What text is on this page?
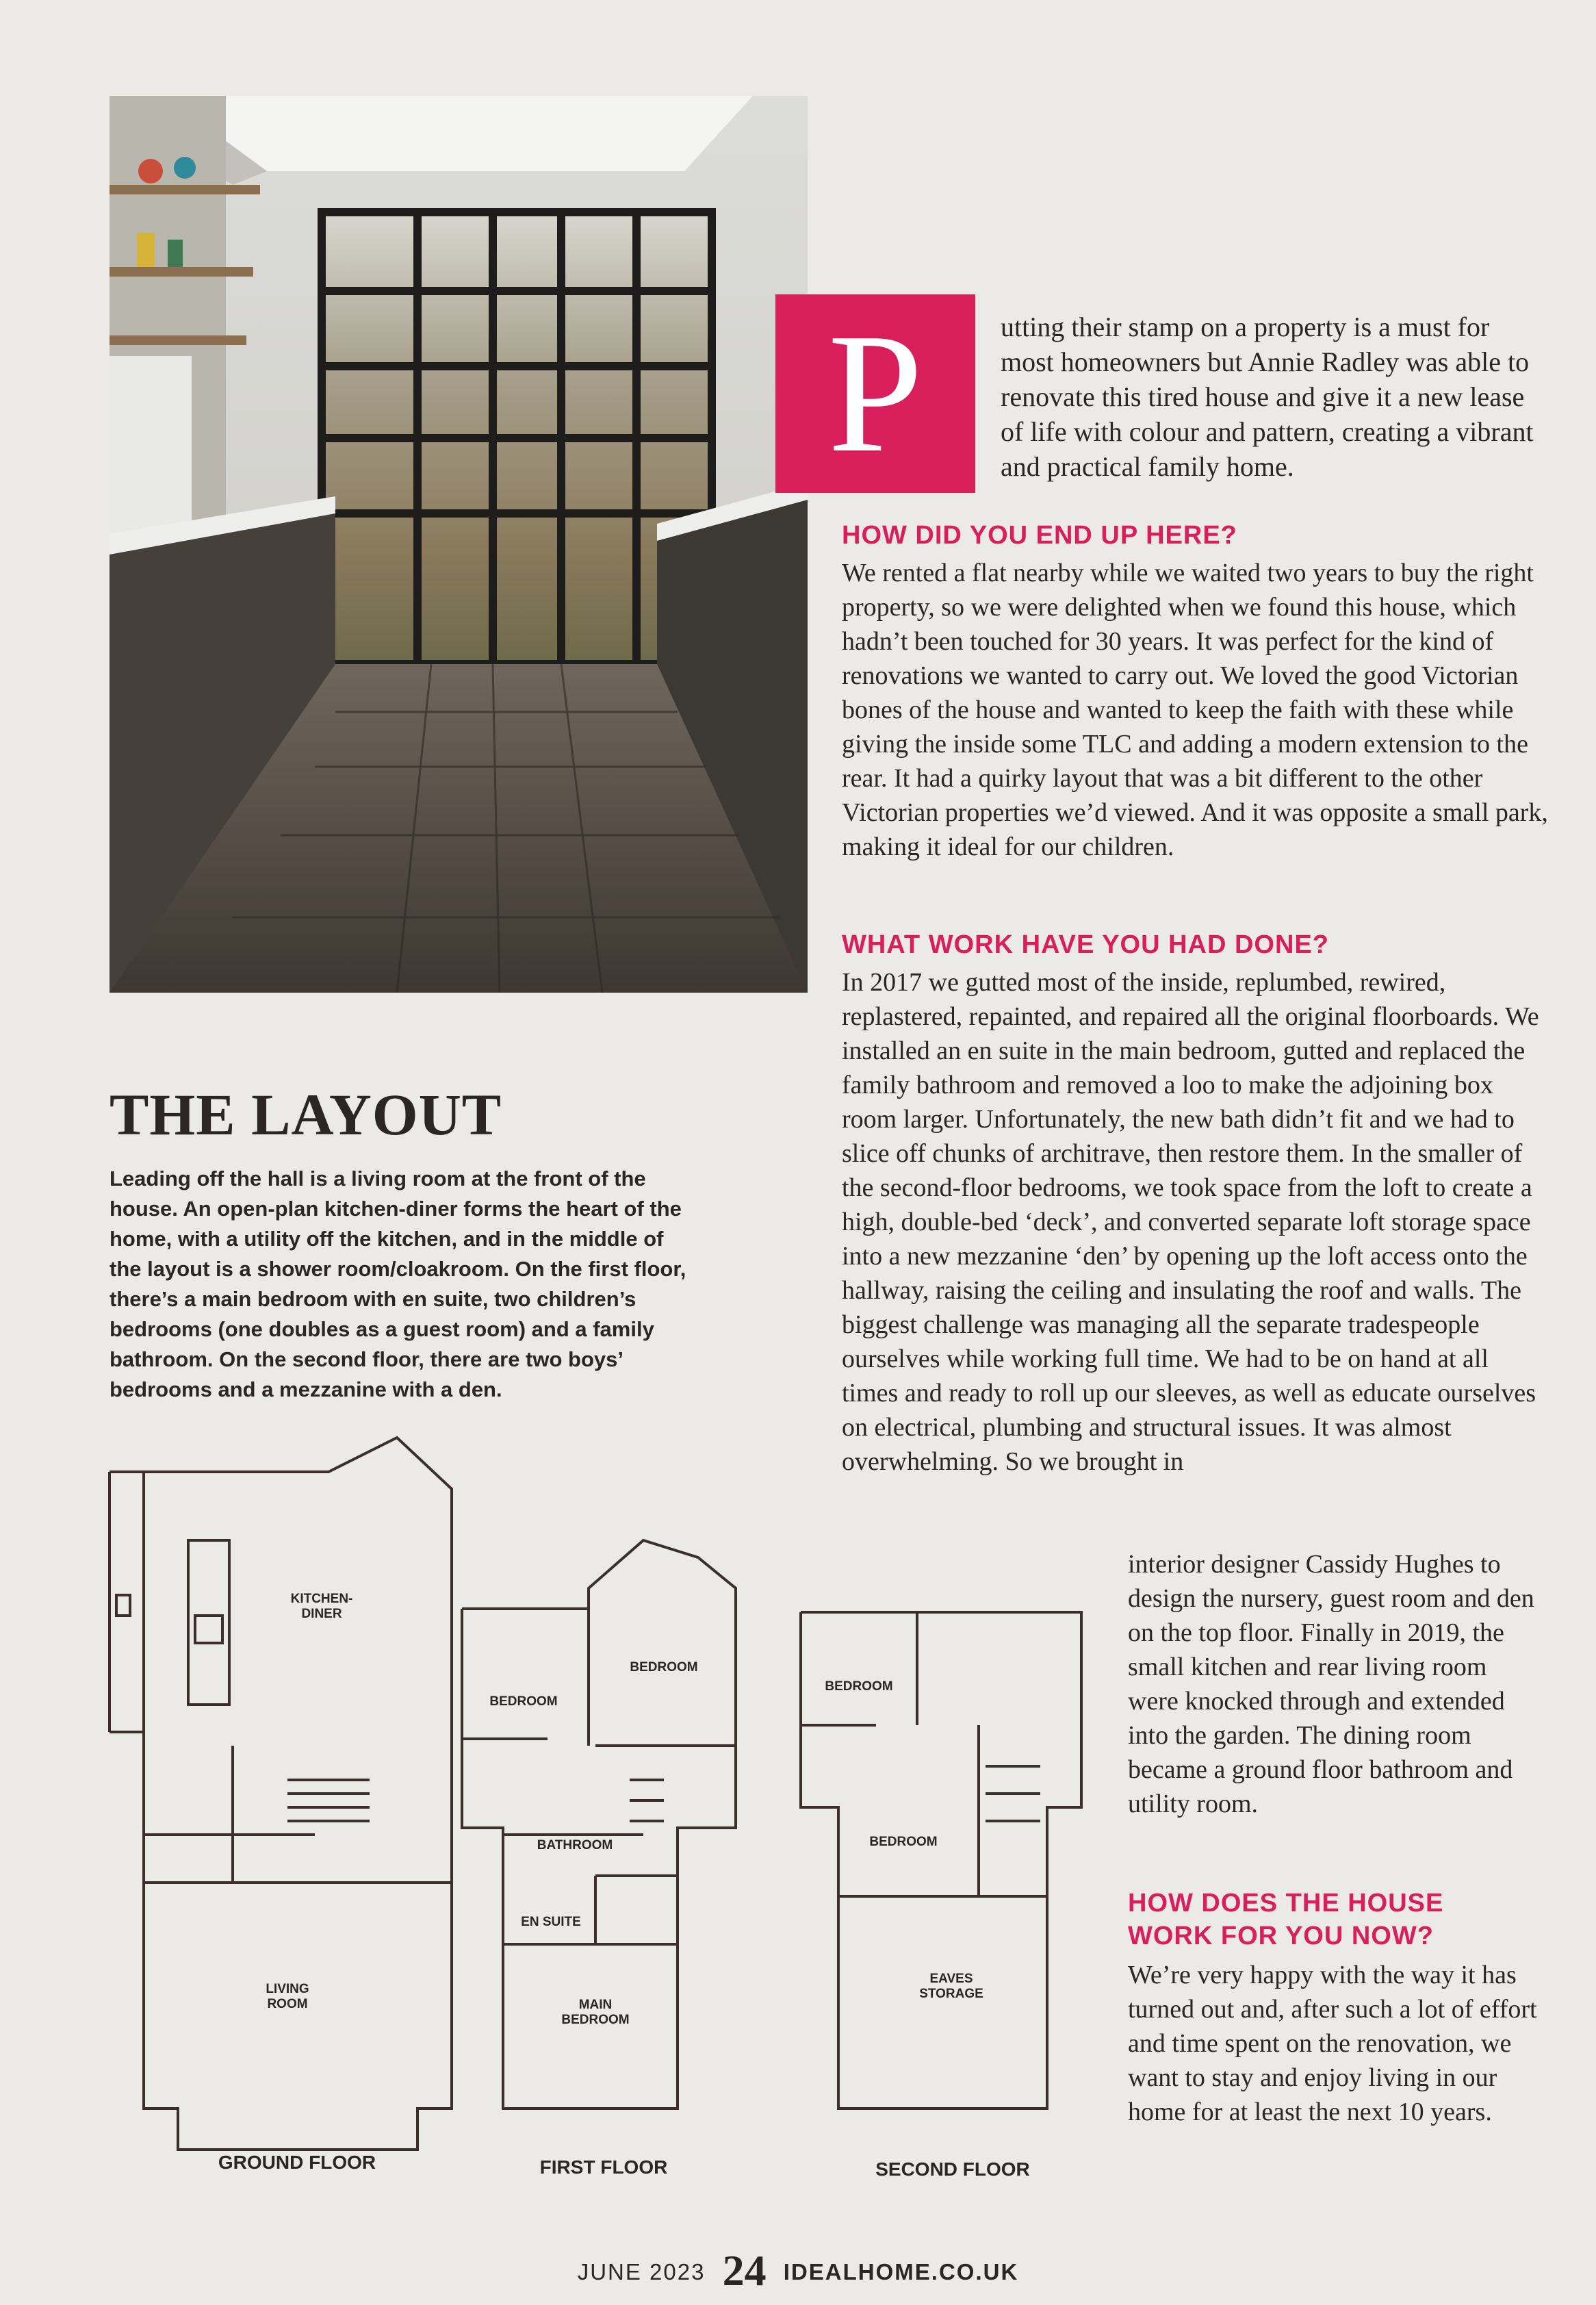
P	utting their stamp on a property is a must for most homeowners but Annie Radley was able to renovate this tired house and give it a new lease of life with colour and pattern, creating a vibrant and practical family home.

HOW DID YOU END UP HERE?

We rented a flat nearby while we waited two years to buy the right property, so we were delighted when we found this house, which hadn’t been touched for 30 years. It was perfect for the kind of renovations we wanted to carry out. We loved the good Victorian bones of the house and wanted to keep the faith with these while giving the inside some TLC and adding a modern extension to the rear. It had a quirky layout that was a bit different to the other Victorian properties we’d viewed. And it was opposite a small park, making it ideal for our children.

WHAT WORK HAVE YOU HAD DONE?

In 2017 we gutted most of the inside, replumbed, rewired, replastered, repainted, and repaired all the original floorboards. We installed an en suite in the main bedroom, gutted and replaced the family bathroom and removed a loo to make the adjoining box room larger. Unfortunately, the new bath didn’t fit and we had to slice off chunks of architrave, then restore them. In the smaller of the second-floor bedrooms, we took space from the loft to create a high, double-bed ‘deck’, and converted separate loft storage space into a new mezzanine ‘den’ by opening up the loft access onto the hallway, raising the ceiling and insulating the roof and walls. The biggest challenge was managing all the separate tradespeople ourselves while working full time. We had to be on hand at all times and ready to roll up our sleeves, as well as educate ourselves on electrical, plumbing and structural issues. It was almost overwhelming. So we brought in

interior designer Cassidy Hughes to design the nursery, guest room and den on the top floor. Finally in 2019, the small kitchen and rear living room were knocked through and extended into the garden. The dining room became a ground floor bathroom and utility room.

HOW DOES THE HOUSE WORK FOR YOU NOW?

We’re very happy with the way it has turned out and, after such a lot of effort and time spent on the renovation, we want to stay and enjoy living in our home for at least the next 10 years.

THE LAYOUT

Leading off the hall is a living room at the front of the house. An open-plan kitchen-diner forms the heart of the home, with a utility off the kitchen, and in the middle of the layout is a shower room/cloakroom. On the first floor, there’s a main bedroom with en suite, two children’s bedrooms (one doubles as a guest room) and a family bathroom. On the second floor, there are two boys’ bedrooms and a mezzanine with a den.

KITCHEN-
DINER
LIVING
ROOM
BEDROOM
BEDROOM
BATHROOM
EN SUITE
MAIN
BEDROOM
BEDROOM
BEDROOM
EAVES
STORAGE
GROUND FLOOR	FIRST FLOOR	SECOND FLOOR
JUNE 2023 24 IDEALHOME.CO.UK
